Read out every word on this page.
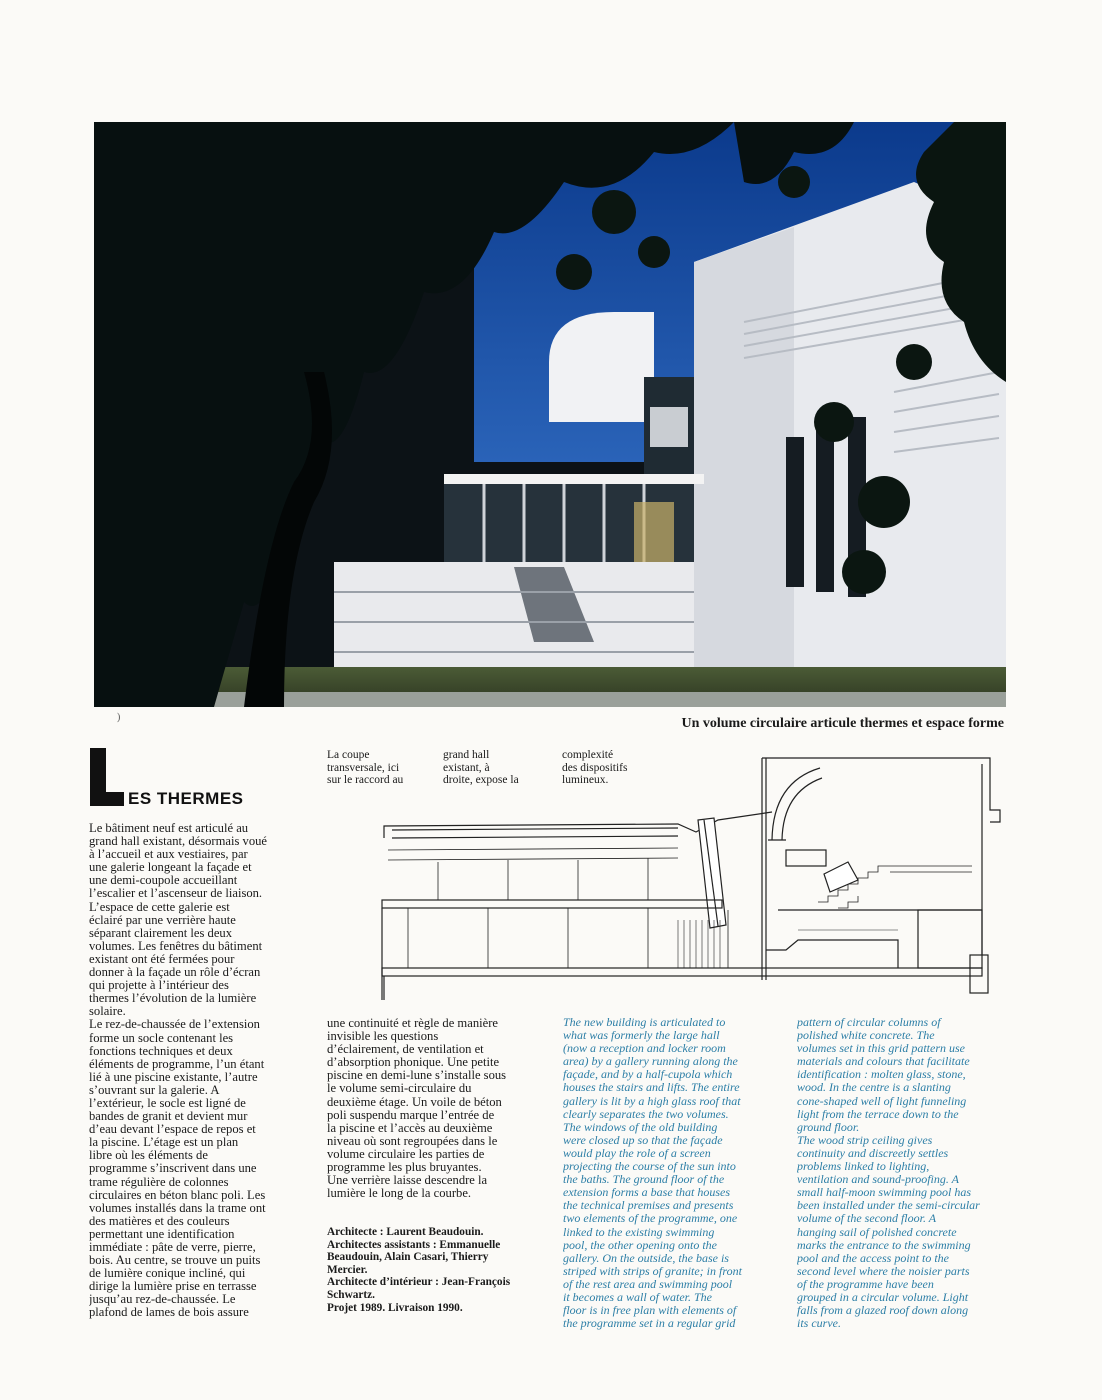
)	Un volume circulaire articule thermes et espace forme
L
ES THERMES
La coupe
transversale, ici
sur le raccord au
grand hall
existant, à
droite, expose la
complexité
des dispositifs
lumineux.
Le bâtiment neuf est articulé au
grand hall existant, désormais voué
à l’accueil et aux vestiaires, par
une galerie longeant la façade et
une demi-coupole accueillant
l’escalier et l’ascenseur de liaison.
L’espace de cette galerie est
éclairé par une verrière haute
séparant clairement les deux
volumes. Les fenêtres du bâtiment
existant ont été fermées pour
donner à la façade un rôle d’écran
qui projette à l’intérieur des
thermes l’évolution de la lumière
solaire.
Le rez-de-chaussée de l’extension
forme un socle contenant les
fonctions techniques et deux
éléments de programme, l’un étant
lié à une piscine existante, l’autre
s’ouvrant sur la galerie. A
l’extérieur, le socle est ligné de
bandes de granit et devient mur
d’eau devant l’espace de repos et
la piscine. L’étage est un plan
libre où les éléments de
programme s’inscrivent dans une
trame régulière de colonnes
circulaires en béton blanc poli. Les
volumes installés dans la trame ont
des matières et des couleurs
permettant une identification
immédiate : pâte de verre, pierre,
bois. Au centre, se trouve un puits
de lumière conique incliné, qui
dirige la lumière prise en terrasse
jusqu’au rez-de-chaussée. Le
plafond de lames de bois assure
une continuité et règle de manière
invisible les questions
d’éclairement, de ventilation et
d’absorption phonique. Une petite
piscine en demi-lune s’installe sous
le volume semi-circulaire du
deuxième étage. Un voile de béton
poli suspendu marque l’entrée de
la piscine et l’accès au deuxième
niveau où sont regroupées dans le
volume circulaire les parties de
programme les plus bruyantes.
Une verrière laisse descendre la
lumière le long de la courbe.
Architecte : Laurent Beaudouin.
Architectes assistants : Emmanuelle
Beaudouin, Alain Casari, Thierry
Mercier.
Architecte d’intérieur : Jean-François
Schwartz.
Projet 1989. Livraison 1990.
The new building is articulated to
what was formerly the large hall
(now a reception and locker room
area) by a gallery running along the
façade, and by a half-cupola which
houses the stairs and lifts. The entire
gallery is lit by a high glass roof that
clearly separates the two volumes.
The windows of the old building
were closed up so that the façade
would play the role of a screen
projecting the course of the sun into
the baths. The ground floor of the
extension forms a base that houses
the technical premises and presents
two elements of the programme, one
linked to the existing swimming
pool, the other opening onto the
gallery. On the outside, the base is
striped with strips of granite; in front
of the rest area and swimming pool
it becomes a wall of water. The
floor is in free plan with elements of
the programme set in a regular grid
pattern of circular columns of
polished white concrete. The
volumes set in this grid pattern use
materials and colours that facilitate
identification : molten glass, stone,
wood. In the centre is a slanting
cone-shaped well of light funneling
light from the terrace down to the
ground floor.
The wood strip ceiling gives
continuity and discreetly settles
problems linked to lighting,
ventilation and sound-proofing. A
small half-moon swimming pool has
been installed under the semi-circular
volume of the second floor. A
hanging sail of polished concrete
marks the entrance to the swimming
pool and the access point to the
second level where the noisier parts
of the programme have been
grouped in a circular volume. Light
falls from a glazed roof down along
its curve.
